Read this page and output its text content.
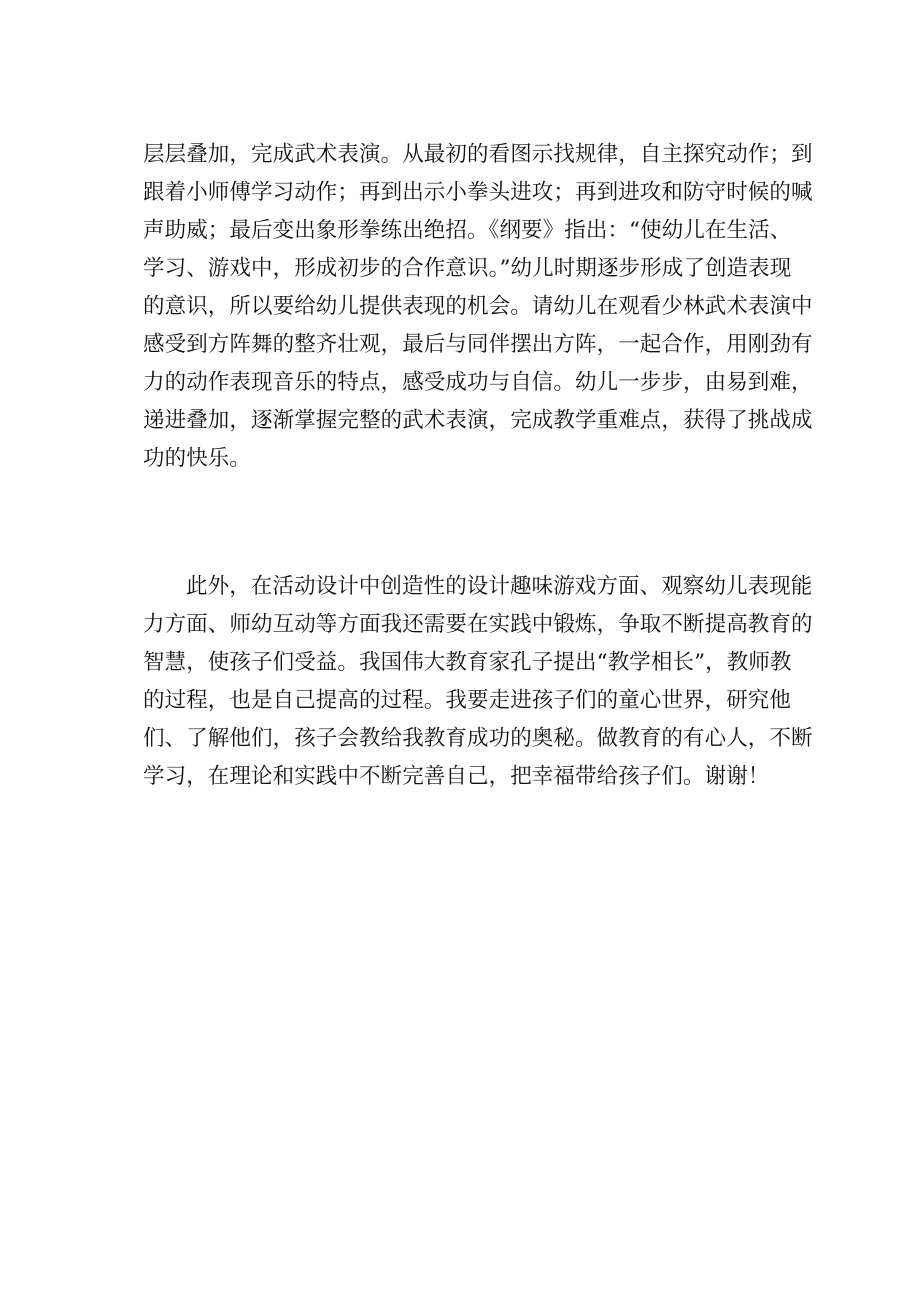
层层叠加，完成武术表演。从最初的看图示找规律，自主探究动作；到
跟着小师傅学习动作；再到出示小拳头进攻；再到进攻和防守时候的喊
声助威；最后变出象形拳练出绝招。《纲要》指出：“使幼儿在生活、
学习、游戏中，形成初步的合作意识。”幼儿时期逐步形成了创造表现
的意识，所以要给幼儿提供表现的机会。请幼儿在观看少林武术表演中
感受到方阵舞的整齐壮观，最后与同伴摆出方阵，一起合作，用刚劲有
力的动作表现音乐的特点，感受成功与自信。幼儿一步步，由易到难，
递进叠加，逐渐掌握完整的武术表演，完成教学重难点，获得了挑战成
功的快乐。
此外，在活动设计中创造性的设计趣味游戏方面、观察幼儿表现能
力方面、师幼互动等方面我还需要在实践中锻炼，争取不断提高教育的
智慧，使孩子们受益。我国伟大教育家孔子提出“教学相长”，教师教
的过程，也是自己提高的过程。我要走进孩子们的童心世界，研究他
们、了解他们，孩子会教给我教育成功的奥秘。做教育的有心人，不断
学习，在理论和实践中不断完善自己，把幸福带给孩子们。谢谢！
